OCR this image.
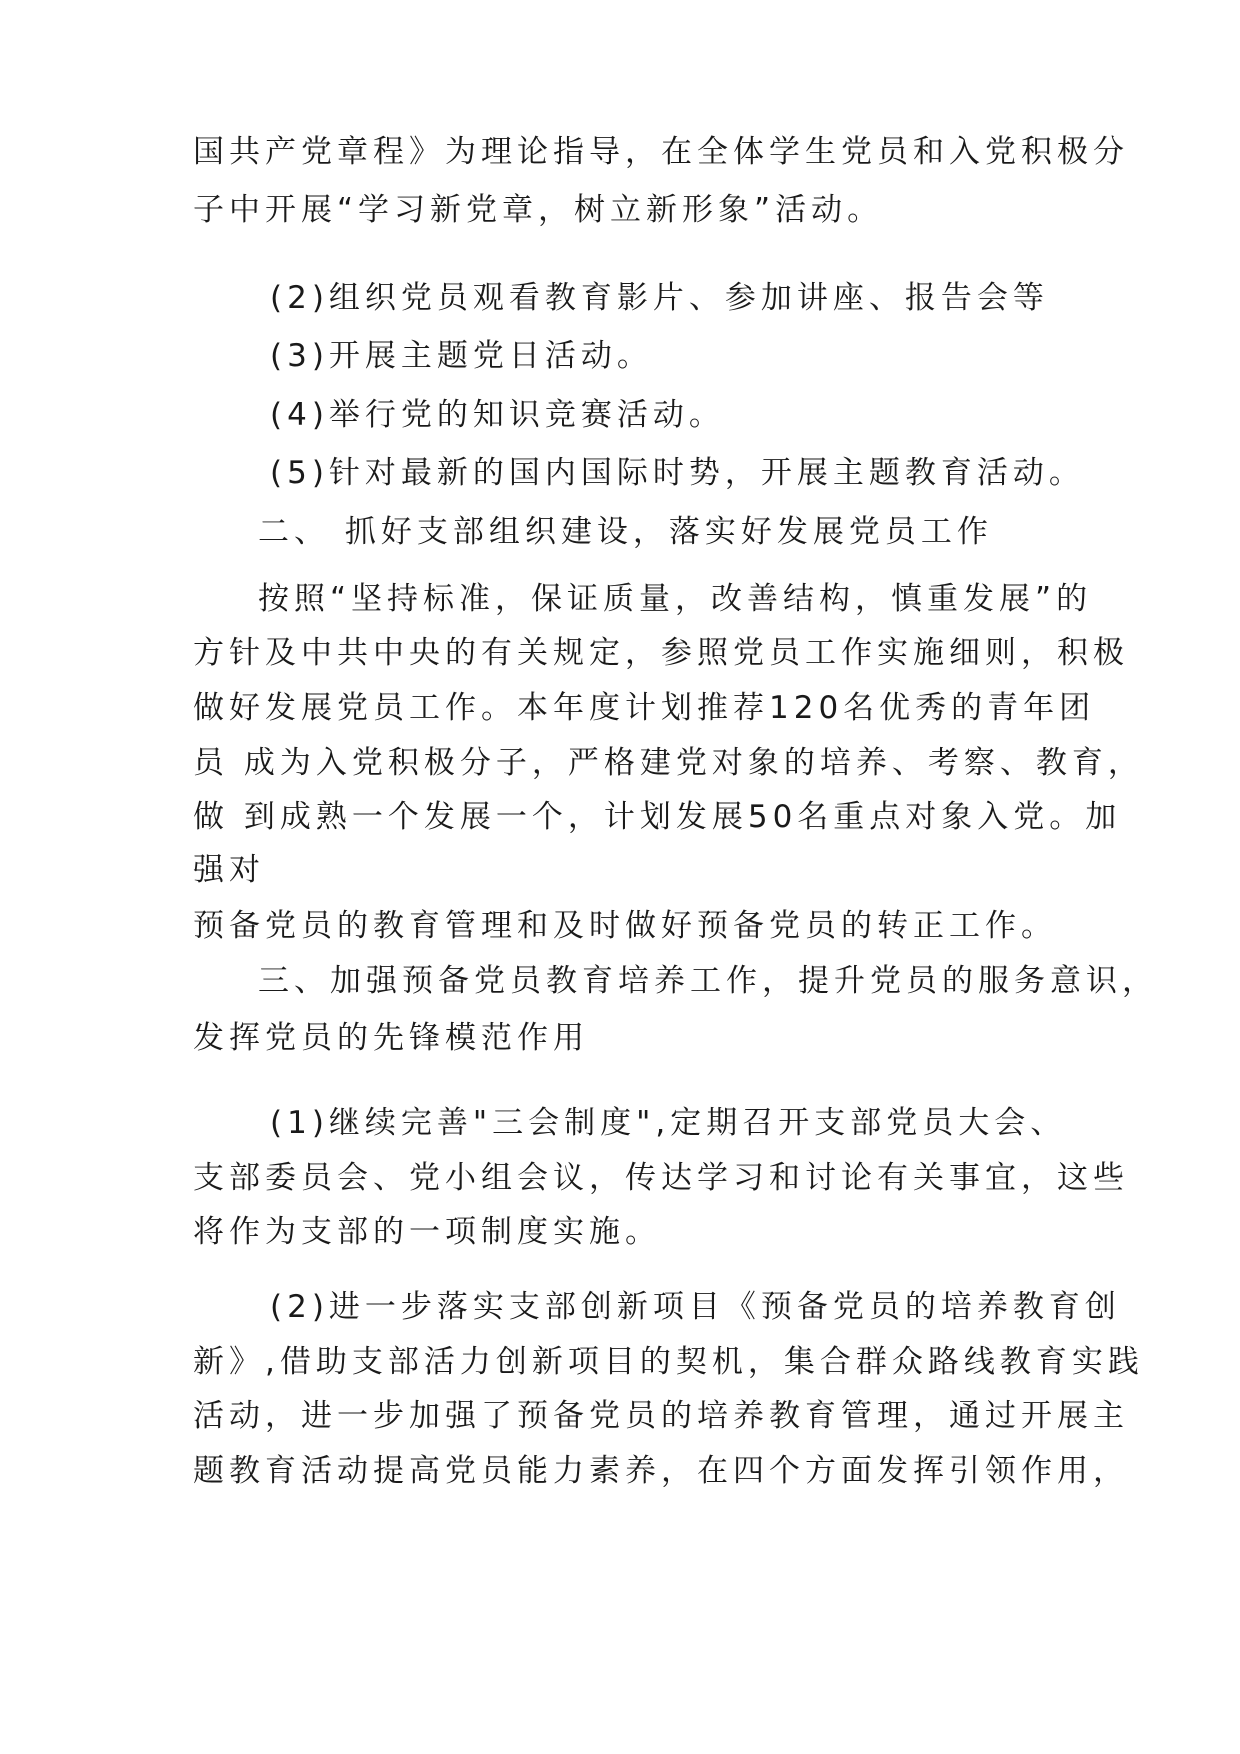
国共产党章程》为理论指导，在全体学生党员和入党积极分

子中开展“学习新党章，树立新形象”活动。

(2)组织党员观看教育影片、参加讲座、报告会等

(3)开展主题党日活动。

(4)举行党的知识竞赛活动。

(5)针对最新的国内国际时势，开展主题教育活动。

二、 抓好支部组织建设，落实好发展党员工作

按照“坚持标准，保证质量，改善结构，慎重发展”的

方针及中共中央的有关规定，参照党员工作实施细则，积极

做好发展党员工作。本年度计划推荐120名优秀的青年团

员 成为入党积极分子，严格建党对象的培养、考察、教育，

做 到成熟一个发展一个，计划发展50名重点对象入党。加

强对

预备党员的教育管理和及时做好预备党员的转正工作。

三、加强预备党员教育培养工作，提升党员的服务意识，

发挥党员的先锋模范作用

(1)继续完善"三会制度",定期召开支部党员大会、

支部委员会、党小组会议，传达学习和讨论有关事宜，这些

将作为支部的一项制度实施。

(2)进一步落实支部创新项目《预备党员的培养教育创

新》,借助支部活力创新项目的契机，集合群众路线教育实践

活动，进一步加强了预备党员的培养教育管理，通过开展主

题教育活动提高党员能力素养，在四个方面发挥引领作用，
